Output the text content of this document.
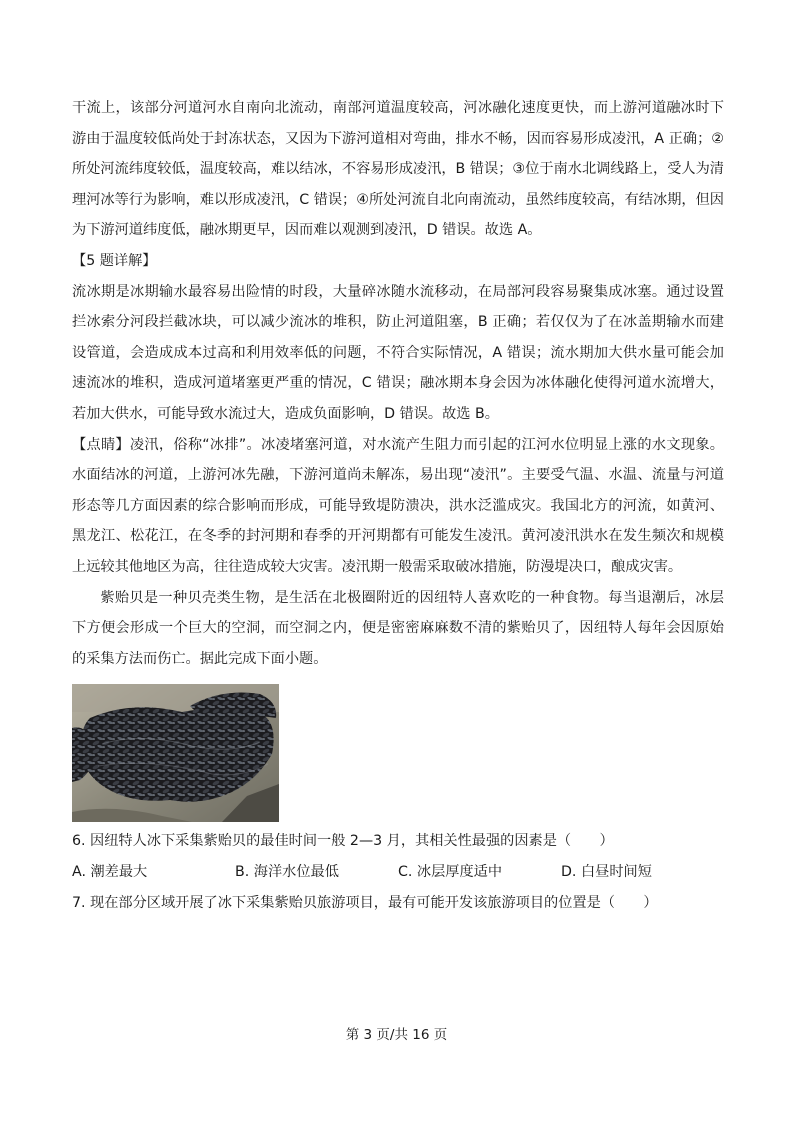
干流上，该部分河道河水自南向北流动，南部河道温度较高，河冰融化速度更快，而上游河道融冰时下游由于温度较低尚处于封冻状态，又因为下游河道相对弯曲，排水不畅，因而容易形成凌汛，A 正确；②所处河流纬度较低，温度较高，难以结冰，不容易形成凌汛，B 错误；③位于南水北调线路上，受人为清理河冰等行为影响，难以形成凌汛，C 错误；④所处河流自北向南流动，虽然纬度较高，有结冰期，但因为下游河道纬度低，融冰期更早，因而难以观测到凌汛，D 错误。故选 A。

【5 题详解】

流冰期是冰期输水最容易出险情的时段，大量碎冰随水流移动，在局部河段容易聚集成冰塞。通过设置拦冰索分河段拦截冰块，可以减少流冰的堆积，防止河道阻塞，B 正确；若仅仅为了在冰盖期输水而建设管道，会造成成本过高和利用效率低的问题，不符合实际情况，A 错误；流水期加大供水量可能会加速流冰的堆积，造成河道堵塞更严重的情况，C 错误；融冰期本身会因为冰体融化使得河道水流增大，若加大供水，可能导致水流过大，造成负面影响，D 错误。故选 B。

【点睛】凌汛，俗称“冰排”。冰凌堵塞河道，对水流产生阻力而引起的江河水位明显上涨的水文现象。水面结冰的河道，上游河冰先融，下游河道尚未解冻，易出现“凌汛”。主要受气温、水温、流量与河道形态等几方面因素的综合影响而形成，可能导致堤防溃决，洪水泛滥成灾。我国北方的河流，如黄河、黑龙江、松花江，在冬季的封河期和春季的开河期都有可能发生凌汛。黄河凌汛洪水在发生频次和规模上远较其他地区为高，往往造成较大灾害。凌汛期一般需采取破冰措施，防漫堤决口，酿成灾害。

紫贻贝是一种贝壳类生物，是生活在北极圈附近的因纽特人喜欢吃的一种食物。每当退潮后，冰层下方便会形成一个巨大的空洞，而空洞之内，便是密密麻麻数不清的紫贻贝了，因纽特人每年会因原始的采集方法而伤亡。据此完成下面小题。

6. 因纽特人冰下采集紫贻贝的最佳时间一般 2—3 月，其相关性最强的因素是（　　）

A. 潮差最大	B. 海洋水位最低	C. 冰层厚度适中	D. 白昼时间短

7. 现在部分区域开展了冰下采集紫贻贝旅游项目，最有可能开发该旅游项目的位置是（　　）

第 3 页/共 16 页
